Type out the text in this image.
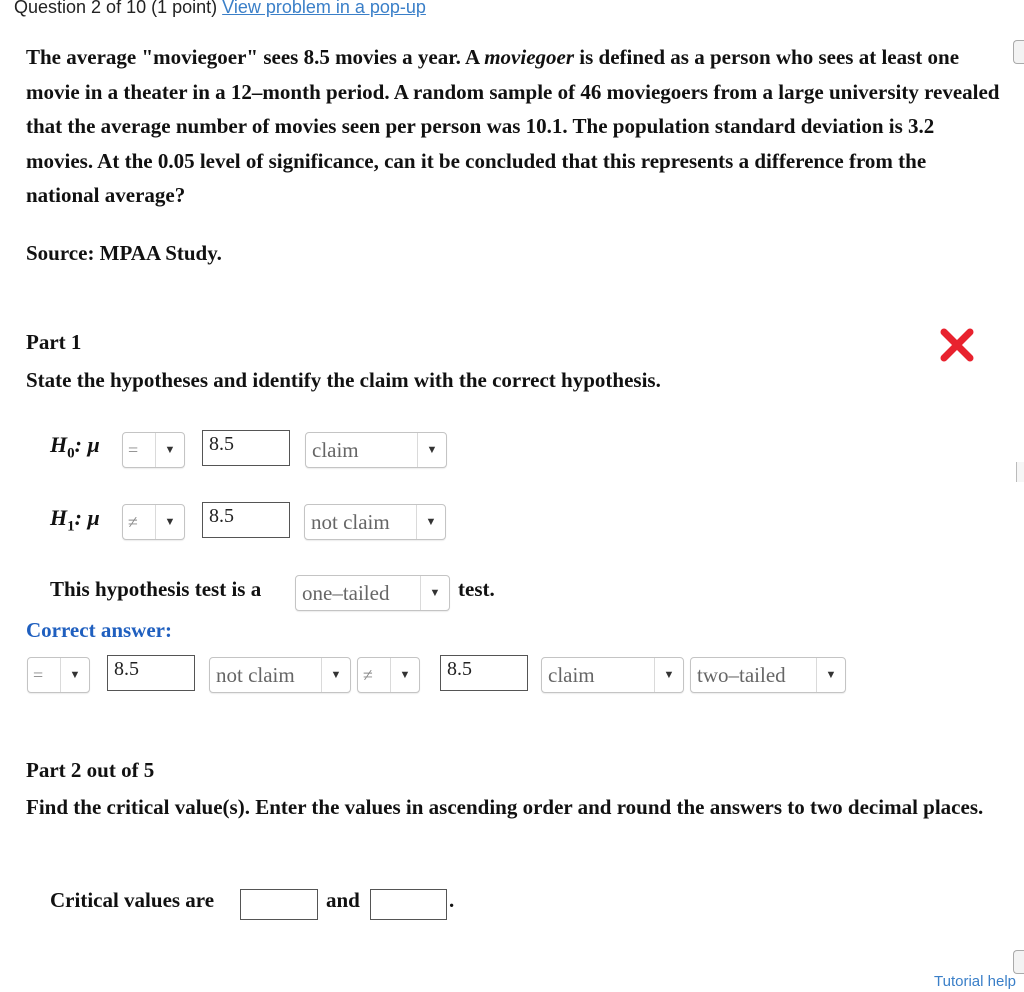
Question 2 of 10 (1 point) View problem in a pop-up

The average "moviegoer" sees 8.5 movies a year. A moviegoer is defined as a person who sees at least one movie in a theater in a 12–month period. A random sample of 46 moviegoers from a large university revealed that the average number of movies seen per person was 10.1. The population standard deviation is 3.2 movies. At the 0.05 level of significance, can it be concluded that this represents a difference from the national average?

Source: MPAA Study.
Part 1
State the hypotheses and identify the claim with the correct hypothesis.
$H_0$: μ =	▼	8.5	claim	▼
$H_1$: μ ≠	▼	8.5	not claim	▼
This hypothesis test is a one–tailed	▼ test.
Correct answer:
=	▼	8.5	not claim	▼ ≠	▼	8.5	claim	▼ two–tailed	▼
Part 2 out of 5

Find the critical value(s). Enter the values in ascending order and round the answers to two decimal places.

Critical values are	and	.
Tutorial help
